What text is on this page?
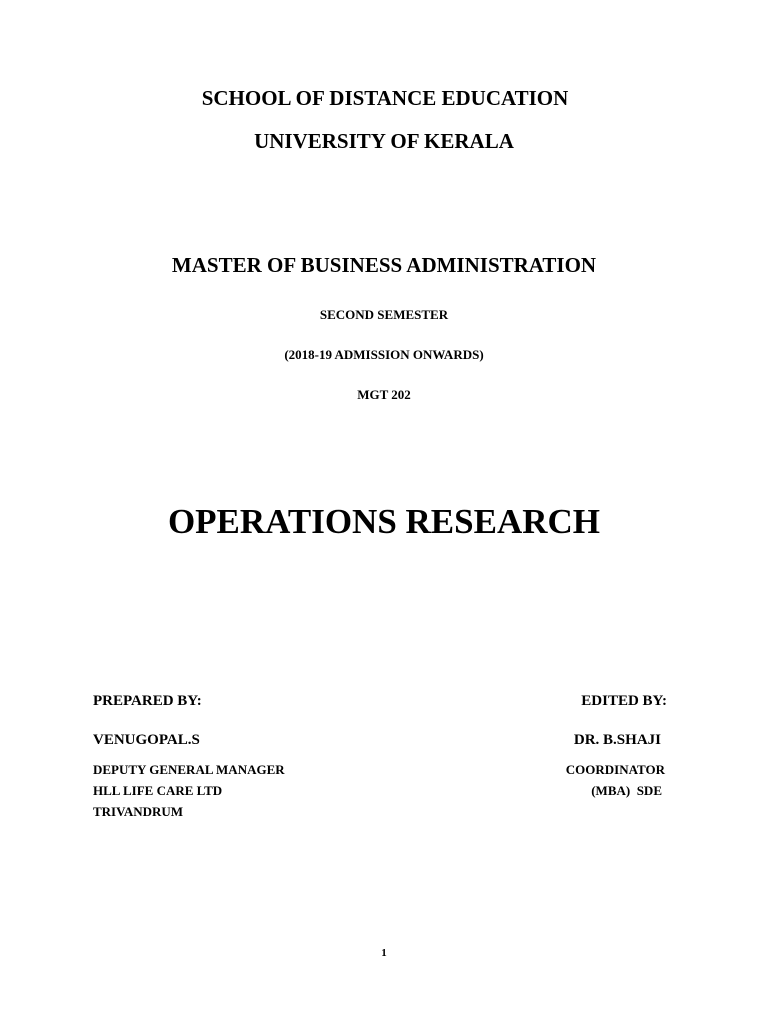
SCHOOL OF DISTANCE EDUCATION
UNIVERSITY OF KERALA
MASTER OF BUSINESS ADMINISTRATION
SECOND SEMESTER
(2018-19 ADMISSION ONWARDS)
MGT 202
OPERATIONS RESEARCH
PREPARED BY:
VENUGOPAL.S
DEPUTY GENERAL MANAGER
HLL LIFE CARE LTD
TRIVANDRUM
EDITED BY:
DR. B.SHAJI
COORDINATOR
(MBA)  SDE
1
